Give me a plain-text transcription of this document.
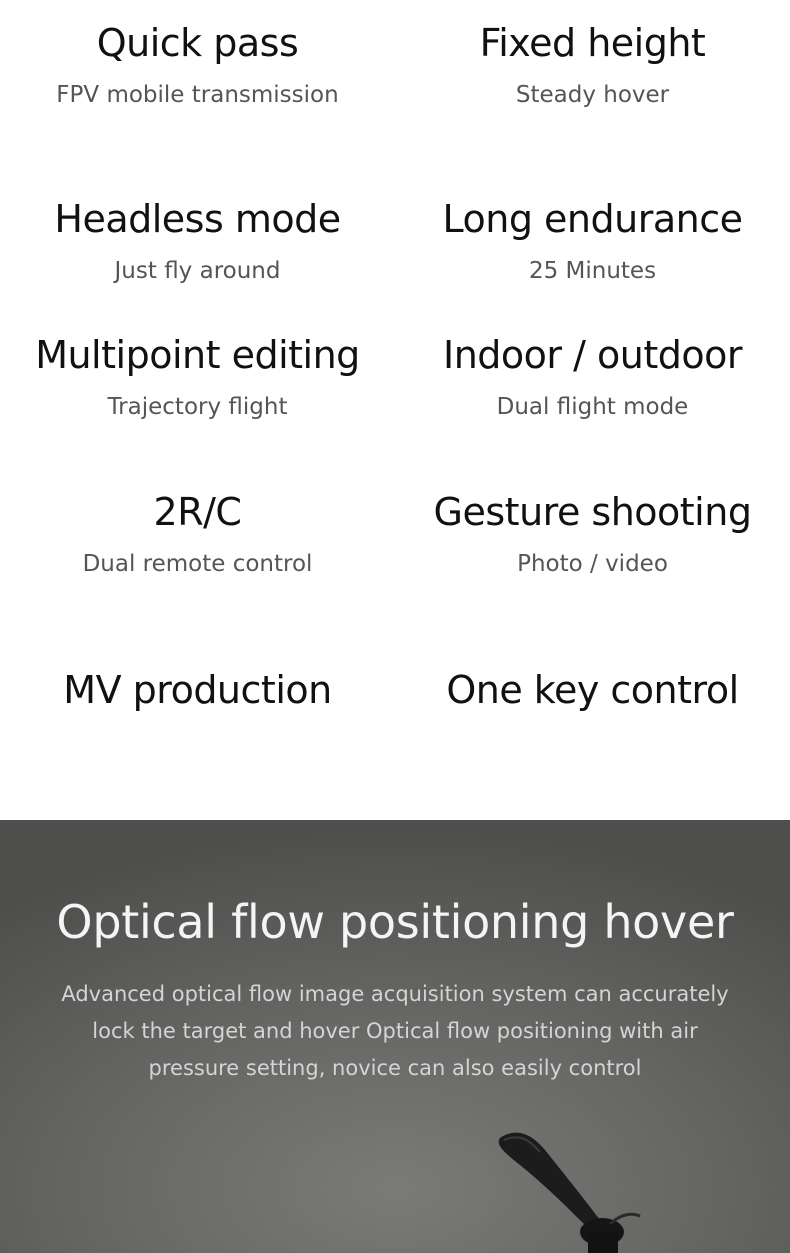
Quick pass
FPV mobile transmission
Fixed height
Steady hover
Headless mode
Just fly around
Long endurance
25 Minutes
Multipoint editing
Trajectory flight
Indoor / outdoor
Dual flight mode
2R/C
Dual remote control
Gesture shooting
Photo / video
MV production	One key control
Optical flow positioning hover
Advanced optical flow image acquisition system can accurately
lock the target and hover Optical flow positioning with air
pressure setting, novice can also easily control
